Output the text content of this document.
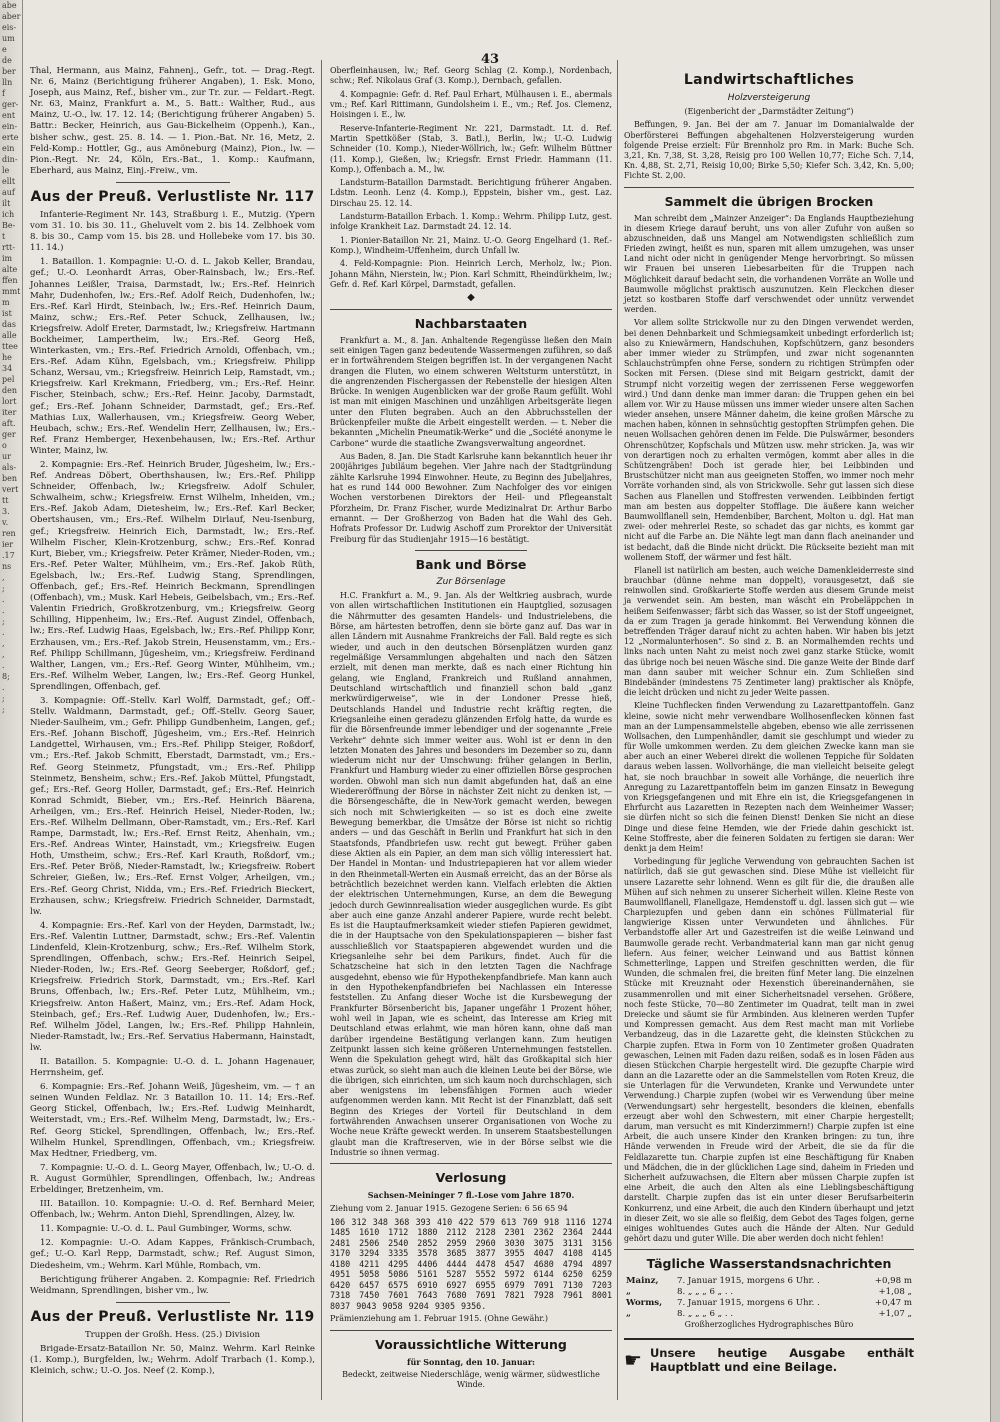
abe
aber
eis-
um
e
de
ber
lln
f
ger-
ent
ein-
erte
ein
din-
le
ellt
auf
ilt
ich
Be-
t
rtt-
im
alte
ffen
mmt
m
ist
das
alle
ttee
he
34
pel
den
lort
iter
aft.
ger
o
ur
als-
ben
vert
tt
3.
v.
ren
ier
.17
ns
,
;
.
.
;
.
,
,
.
8;
.
;
;
43

Thal, Hermann, aus Mainz, Fahnenj., Gefr., tot. — Drag.-Regt. Nr. 6, Mainz (Berichtigung früherer Angaben), 1. Esk. Mono, Joseph, aus Mainz, Ref., bisher vm., zur Tr. zur. — Feldart.-Regt. Nr. 63, Mainz, Frankfurt a. M., 5. Batt.: Walther, Rud., aus Mainz, U.-O., lw. 17. 12. 14; (Berichtigung früherer Angaben) 5. Battr.: Becker, Heinrich, aus Gau-Bickelheim (Oppenh.), Kan., bisher schw., gest. 25. 8. 14. — 1. Pion.-Bat. Nr. 16, Metz, 2. Feld-Komp.: Hottler, Gg., aus Amöneburg (Mainz), Pion., lw. — Pion.-Regt. Nr. 24, Köln, Ers.-Bat., 1. Komp.: Kaufmann, Eberhard, aus Mainz, Einj.-Freiw., vm.

Aus der Preuß. Verlustliste Nr. 117

Infanterie-Regiment Nr. 143, Straßburg i. E., Mutzig. (Ypern vom 31. 10. bis 30. 11., Gheluvelt vom 2. bis 14. Zelbhoek vom 8. bis 30., Camp vom 15. bis 28. und Hollebeke vom 17. bis 30. 11. 14.)

1. Bataillon. 1. Kompagnie: U.-O. d. L. Jakob Keller, Brandau, gef.; U.-O. Leonhardt Arras, Ober-Rainsbach, lw.; Ers.-Ref. Johannes Leißler, Traisa, Darmstadt, lw.; Ers.-Ref. Heinrich Mahr, Dudenhofen, lw.; Ers.-Ref. Adolf Reich, Dudenhofen, lw.; Ers.-Ref. Karl Hirdt, Steinbach, lw.; Ers.-Ref. Heinrich Daum, Mainz, schw.; Ers.-Ref. Peter Schuck, Zellhausen, lw.; Kriegsfreiw. Adolf Ereter, Darmstadt, lw.; Kriegsfreiw. Hartmann Bockheimer, Lampertheim, lw.; Ers.-Ref. Georg Heß, Winterkasten, vm.; Ers.-Ref. Friedrich Arnoldi, Offenbach, vm.; Ers.-Ref. Adam Kühn, Egelsbach, vm.; Kriegsfreiw. Philipp Schanz, Wersau, vm.; Kriegsfreiw. Heinrich Leip, Ramstadt, vm.; Kriegsfreiw. Karl Krekmann, Friedberg, vm.; Ers.-Ref. Heinr. Fischer, Steinbach, schw.; Ers.-Ref. Heinr. Jacoby, Darmstadt, gef.; Ers.-Ref. Johann Schneider, Darmstadt, gef.; Ers.-Ref. Mathias Lux, Wallerhausen, vm.; Kriegsfreiw. Georg Weber, Heubach, schw.; Ers.-Ref. Wendelin Herr, Zellhausen, lw.; Ers.-Ref. Franz Hemberger, Hexenbehausen, lw.; Ers.-Ref. Arthur Winter, Mainz, lw.

2. Kompagnie: Ers.-Ref. Heinrich Bruder, Jügesheim, lw.; Ers.-Ref. Andreas Döbert, Oberthshausen, lw.; Ers.-Ref. Philipp Schneider, Offenbach, lw.; Kriegsfreiw. Adolf Schuler, Schwalheim, schw.; Kriegsfreiw. Ernst Wilhelm, Inheiden, vm.; Ers.-Ref. Jakob Adam, Dietesheim, lw.; Ers.-Ref. Karl Becker, Obertshausen, vm.; Ers.-Ref. Wilhelm Dirlauf, Neu-Isenburg, gef.; Kriegsfreiw. Heinrich Eich, Darmstadt, lw.; Ers.-Ref. Wilhelm Fischer, Klein-Krotzenburg, schw.; Ers.-Ref. Konrad Kurt, Bieber, vm.; Kriegsfreiw. Peter Krämer, Nieder-Roden, vm.; Ers.-Ref. Peter Walter, Mühlheim, vm.; Ers.-Ref. Jakob Rüth, Egelsbach, lw.; Ers.-Ref. Ludwig Stang, Sprendlingen, Offenbach, gef.; Ers.-Ref. Heinrich Beckmann, Sprendlingen (Offenbach), vm.; Musk. Karl Hebeis, Geibelsbach, vm.; Ers.-Ref. Valentin Friedrich, Großkrotzenburg, vm.; Kriegsfreiw. Georg Schilling, Hippenheim, lw.; Ers.-Ref. August Zindel, Offenbach, lw.; Ers.-Ref. Ludwig Haas, Egelsbach, lw.; Ers.-Ref. Philipp Konr, Erzhausen, vm.; Ers.-Ref. Jakob Strein, Heusenstamm, vm.; Ers.-Ref. Philipp Schillmann, Jügesheim, vm.; Kriegsfreiw. Ferdinand Walther, Langen, vm.; Ers.-Ref. Georg Winter, Mühlheim, vm.; Ers.-Ref. Wilhelm Weber, Langen, lw.; Ers.-Ref. Georg Hunkel, Sprendlingen, Offenbach, gef.

3. Kompagnie: Off.-Stellv. Karl Wolff, Darmstadt, gef.; Off.-Stellv. Waldmann, Darmstadt, gef.; Off.-Stellv. Georg Sauer, Nieder-Saulheim, vm.; Gefr. Philipp Gundbenheim, Langen, gef.; Ers.-Ref. Johann Bischoff, Jügesheim, vm.; Ers.-Ref. Heinrich Landgettel, Wirhausen, vm.; Ers.-Ref. Philipp Steiger, Roßdorf, vm.; Ers.-Ref. Jakob Schmitt, Eberstadt, Darmstadt, vm.; Ers.-Ref. Georg Steinmetz, Pfungstadt, vm.; Ers.-Ref. Philipp Steinmetz, Bensheim, schw.; Ers.-Ref. Jakob Müttel, Pfungstadt, gef.; Ers.-Ref. Georg Holler, Darmstadt, gef.; Ers.-Ref. Heinrich Konrad Schmidt, Bieber, vm.; Ers.-Ref. Heinrich Bäarena, Arheilgen, vm.; Ers.-Ref. Heinrich Heisel, Nieder-Roden, lw.; Ers.-Ref. Wilhelm Dellmann, Ober-Ramstadt, vm.; Ers.-Ref. Karl Rampe, Darmstadt, lw.; Ers.-Ref. Ernst Reitz, Ahenhain, vm.; Ers.-Ref. Andreas Winter, Hainstadt, vm.; Kriegsfreiw. Eugen Hoth, Umstheim, schw.; Ers.-Ref. Karl Krauth, Roßdorf, vm.; Ers.-Ref. Peter Bröß, Nieder-Ramstadt, lw.; Kriegsfreiw. Robert Schreier, Gießen, lw.; Ers.-Ref. Ernst Volger, Arheilgen, vm.; Ers.-Ref. Georg Christ, Nidda, vm.; Ers.-Ref. Friedrich Bieckert, Erzhausen, schw.; Kriegsfreiw. Friedrich Schneider, Darmstadt, lw.

4. Kompagnie: Ers.-Ref. Karl von der Heyden, Darmstadt, lw.; Ers.-Ref. Valentin Luttner, Darmstadt, schw.; Ers.-Ref. Valentin Lindenfeld, Klein-Krotzenburg, schw.; Ers.-Ref. Wilhelm Stork, Sprendlingen, Offenbach, schw.; Ers.-Ref. Heinrich Seipel, Nieder-Roden, lw.; Ers.-Ref. Georg Seeberger, Roßdorf, gef.; Kriegsfreiw. Friedrich Stork, Darmstadt, vm.; Ers.-Ref. Karl Bruns, Offenbach, lw.; Ers.-Ref. Peter Lutz, Mühlheim, vm.; Kriegsfreiw. Anton Haßert, Mainz, vm.; Ers.-Ref. Adam Hock, Steinbach, gef.; Ers.-Ref. Ludwig Auer, Dudenhofen, lw.; Ers.-Ref. Wilhelm Jödel, Langen, lw.; Ers.-Ref. Philipp Hahnlein, Nieder-Ramstadt, lw.; Ers.-Ref. Servatius Habermann, Hainstadt, lw.

II. Bataillon. 5. Kompagnie: U.-O. d. L. Johann Hagenauer, Herrnsheim, gef.

6. Kompagnie: Ers.-Ref. Johann Weiß, Jügesheim, vm. — † an seinen Wunden Feldlaz. Nr. 3 Bataillon 10. 11. 14; Ers.-Ref. Georg Stickel, Offenbach, lw.; Ers.-Ref. Ludwig Meinhardt, Weiterstadt, vm.; Ers.-Ref. Wilhelm Meng, Darmstadt, lw.; Ers.-Ref. Georg Stickel, Sprendlingen, Offenbach, lw.; Ers.-Ref. Wilhelm Hunkel, Sprendlingen, Offenbach, vm.; Kriegsfreiw. Max Hedtner, Friedberg, vm.

7. Kompagnie: U.-O. d. L. Georg Mayer, Offenbach, lw.; U.-O. d. R. August Gormühler, Sprendlingen, Offenbach, lw.; Andreas Erbeldinger, Bretzenheim, vm.

III. Bataillon. 10. Kompagnie: U.-O. d. Ref. Bernhard Meier, Offenbach, lw.; Wehrm. Anton Diehl, Sprendlingen, Alzey, lw.

11. Kompagnie: U.-O. d. L. Paul Gumbinger, Worms, schw.

12. Kompagnie: U.-O. Adam Kappes, Fränkisch-Crumbach, gef.; U.-O. Karl Repp, Darmstadt, schw.; Ref. August Simon, Diedesheim, vm.; Wehrm. Karl Mühle, Rombach, vm.

Berichtigung früherer Angaben. 2. Kompagnie: Ref. Friedrich Weidmann, Sprendlingen, bisher vm., lw.

Aus der Preuß. Verlustliste Nr. 119

Truppen der Großh. Hess. (25.) Division

Brigade-Ersatz-Bataillon Nr. 50, Mainz. Wehrm. Karl Reinke (1. Komp.), Burgfelden, lw.; Wehrm. Adolf Trarbach (1. Komp.), Kleinich, schw.; U.-O. Jos. Neef (2. Komp.),

Oberfleinhausen, lw.; Ref. Georg Schlag (2. Komp.), Nordenbach, schw.; Ref. Nikolaus Graf (3. Komp.), Dernbach, gefallen.

4. Kompagnie: Gefr. d. Ref. Paul Erhart, Mülhausen i. E., abermals vm.; Ref. Karl Rittimann, Gundolsheim i. E., vm.; Ref. Jos. Clemenz, Hoisingen i. E., lw.

Reserve-Infanterie-Regiment Nr. 221, Darmstadt. Lt. d. Ref. Martin Spettkößer (Stab, 3. Batl.), Berlin, lw.; U.-O. Ludwig Schneider (10. Komp.), Nieder-Wöllrich, lw.; Gefr. Wilhelm Büttner (11. Komp.), Gießen, lw.; Kriegsfr. Ernst Friedr. Hammann (11. Komp.), Offenbach a. M., lw.

Landsturm-Bataillon Darmstadt. Berichtigung früherer Angaben. Ldstm. Leonh. Lenz (4. Komp.), Eppstein, bisher vm., gest. Laz. Dirschau 25. 12. 14.

Landsturm-Bataillon Erbach. 1. Komp.: Wehrm. Philipp Lutz, gest. infolge Krankheit Laz. Darmstadt 24. 12. 14.

1. Pionier-Bataillon Nr. 21, Mainz. U.-O. Georg Engelhard (1. Ref.-Komp.), Windheim-Uffenheim, durch Unfall lw.

4. Feld-Kompagnie: Pion. Heinrich Lerch, Merholz, lw.; Pion. Johann Mähn, Nierstein, lw.; Pion. Karl Schmitt, Rheindürkheim, lw.; Gefr. d. Ref. Karl Körpel, Darmstadt, gefallen.

◆
Nachbarstaaten

Frankfurt a. M., 8. Jan. Anhaltende Regengüsse ließen den Main seit einigen Tagen ganz bedeutende Wassermengen zuführen, so daß er in fortwährendem Steigen begriffen ist. In der vergangenen Nacht drangen die Fluten, wo einem schweren Weltsturm unterstützt, in die angrenzenden Fischergassen der Rebenstelle der hiesigen Alten Brücke. In wenigen Augenblicken war der große Raum gefüllt. Wohl ist man mit einigen Maschinen und unzähligen Arbeitsgeräte liegen unter den Fluten begraben. Auch an den Abbruchsstellen der Brückenpfeiler mußte die Arbeit eingestellt werden. — t. Neber die bekannten „Michelin Pneumatik-Werke“ und die „Société anonyme le Carbone“ wurde die staatliche Zwangsverwaltung angeordnet.

Aus Baden, 8. Jan. Die Stadt Karlsruhe kann bekanntlich heuer ihr 200jähriges Jubiläum begehen. Vier Jahre nach der Stadtgründung zählte Karlsruhe 1994 Einwohner. Heute, zu Beginn des Jubeljahres, hat es rund 144 000 Bewohner. Zum Nachfolger des vor einigen Wochen verstorbenen Direktors der Heil- und Pflegeanstalt Pforzheim, Dr. Franz Fischer, wurde Medizinalrat Dr. Arthur Barbo ernannt. — Der Großherzog von Baden hat die Wahl des Geh. Hofrats Professor Dr. Ludwig Aschoff zum Prorektor der Universität Freiburg für das Studienjahr 1915—16 bestätigt.

Bank und Börse
Zur Börsenlage

H.C. Frankfurt a. M., 9. Jan. Als der Weltkrieg ausbrach, wurde von allen wirtschaftlichen Institutionen ein Hauptglied, sozusagen die Nährmutter des gesamten Handels- und Industrielebens, die Börse, am härtesten betroffen, denn sie börte ganz auf. Das war in allen Ländern mit Ausnahme Frankreichs der Fall. Bald regte es sich wieder, und auch in den deutschen Börsenplätzen wurden ganz regelmäßige Versammlungen abgehalten und nach den Sätzen erzielt, mit denen man merkte, daß es nach einer Richtung hin gelang, wie England, Frankreich und Rußland annahmen, Deutschland wirtschaftlich und finanziell schon bald „ganz merkwürdigerweise“, wie in der Londoner Presse hieß, Deutschlands Handel und Industrie recht kräftig regten, die Kriegsanleihe einen geradezu glänzenden Erfolg hatte, da wurde es für die Börsenfreunde immer lebendiger und der sogenannte „Freie Verkehr“ dehnte sich immer weiter aus. Wohl ist er denn in den letzten Monaten des Jahres und besonders im Dezember so zu, dann wiederum nicht nur der Umschwung: früher gelangen in Berlin, Frankfurt und Hamburg wieder zu einer offiziellen Börse gesprochen worden. Obwohl man sich nun damit abgefunden hat, daß an eine Wiedereröffnung der Börse in nächster Zeit nicht zu denken ist, — die Börsengeschäfte, die in New-York gemacht werden, bewegen sich noch mit Schwierigkeiten — so ist es doch eine zweite Bewegung bemerkbar, die Umsätze der Börse ist nicht so richtig anders — und das Geschäft in Berlin und Frankfurt hat sich in den Staatsfonds, Pfandbriefen usw. recht gut bewegt. Früher gaben diese Aktien als ein Papier, an dem man sich völlig interessiert hat. Der Handel in Montan- und Industriepapieren hat vor allem wieder in den Rheinmetall-Werten ein Ausmaß erreicht, das an der Börse als beträchtlich bezeichnet werden kann. Vielfach erlebten die Aktien der elektrischen Unternehmungen, Kurse, an dem die Bewegung jedoch durch Gewinnrealisation wieder ausgeglichen wurde. Es gibt aber auch eine ganze Anzahl anderer Papiere, wurde recht belebt. Es ist die Hauptaufmerksamkeit wieder stiefen Papieren gewidmet, die in der Hauptsache von den Spekulationspapieren — bisher fast ausschließlich vor Staatspapieren abgewendet wurden und die Kriegsanleihe sehr bei dem Parikurs, findet. Auch für die Schatzscheine hat sich in den letzten Tagen die Nachfrage ausgedehnt, ebenso wie für Hypothekenpfandbriefe. Man kann auch in den Hypothekenpfandbriefen bei Nachlassen ein Interesse feststellen. Zu Anfang dieser Woche ist die Kursbewegung der Frankfurter Börsenbericht bis, Japaner ungefähr 1 Prozent höher, wohl weil in Japan, wie es scheint, das Interesse am Krieg mit Deutschland etwas erlahmt, wie man hören kann, ohne daß man darüber irgendeine Bestätigung verlangen kann. Zum heutigen Zeitpunkt lassen sich keine größeren Unternehmungen feststellen. Wenn die Spekulation gehegt wird, hält das Großkapital sich hier etwas zurück, so sieht man auch die kleinen Leute bei der Börse, wie die übrigen, sich einrichten, um sich kaum noch durchschlagen, sich aber wenigstens im lebensfähigen Formen auch wieder aufgenommen werden kann. Mit Recht ist der Finanzblatt, daß seit Beginn des Krieges der Vorteil für Deutschland in dem fortwährenden Anwachsen unserer Organisationen von Woche zu Woche neue Kräfte geweckt werden. In unserem Staatsbestellungen glaubt man die Kraftreserven, wie in der Börse selbst wie die Industrie so ihnen vermag.

Verlosung

Sachsen-Meininger 7 fl.-Lose vom Jahre 1870.

Ziehung vom 2. Januar 1915. Gezogene Serien: 6 56 65 94

106 312 348 368 393 410 422 579 613 769 918 1116 1274 1485 1610 1712 1880 2112 2128 2301 2362 2364 2444 2481 2506 2540 2852 2959 2960 3030 3075 3131 3156 3170 3294 3335 3578 3685 3877 3955 4047 4108 4145 4180 4211 4295 4406 4444 4478 4547 4680 4794 4897 4951 5058 5086 5161 5287 5552 5972 6144 6250 6259 6420 6457 6575 6910 6927 6955 6979 7091 7130 7203 7318 7450 7601 7643 7680 7691 7821 7928 7961 8001 8037 9043 9058 9204 9305 9356.

Prämienziehung am 1. Februar 1915. (Ohne Gewähr.)

Voraussichtliche Witterung

für Sonntag, den 10. Januar:

Bedeckt, zeitweise Niederschläge, wenig wärmer, südwestliche Winde.

Landwirtschaftliches
Holzversteigerung

(Eigenbericht der „Darmstädter Zeitung“)

Beffungen, 9. Jan. Bei der am 7. Januar im Domanialwalde der Oberförsterei Beffungen abgehaltenen Holzversteigerung wurden folgende Preise erzielt: Für Brennholz pro Rm. in Mark: Buche Sch. 3,21, Kn. 7,38, St. 3,28, Reisig pro 100 Wellen 10,77; Eiche Sch. 7,14, Kn. 4,88, St. 2,71, Reisig 10,00; Birke 5,50; Kiefer Sch. 3,42, Kn. 5,00; Fichte St. 2,00.

Sammelt die übrigen Brocken

Man schreibt dem „Mainzer Anzeiger“: Da Englands Hauptbeziehung in diesem Kriege darauf beruht, uns von aller Zufuhr von außen so abzuschneiden, daß uns Mangel am Notwendigsten schließlich zum Frieden zwingt, heißt es nun, sparen mit allem umzugehen, was unser Land nicht oder nicht in genügender Menge hervorbringt. So müssen wir Frauen bei unseren Liebesarbeiten für die Truppen nach Möglichkeit darauf bedacht sein, die vorhandenen Vorräte an Wolle und Baumwolle möglichst praktisch auszunutzen. Kein Fleckchen dieser jetzt so kostbaren Stoffe darf verschwendet oder unnütz verwendet werden.

Vor allem sollte Strickwolle nur zu den Dingen verwendet werden, bei denen Dehnbarkeit und Schmiegsamkeit unbedingt erforderlich ist; also zu Kniewärmern, Handschuhen, Kopfschützern, ganz besonders aber immer wieder zu Strümpfen, und zwar nicht sogenannten Schlauchstrümpfen ohne Ferse, sondern zu richtigen Strümpfen oder Socken mit Fersen. (Diese sind mit Beigarn gestrickt, damit der Strumpf nicht vorzeitig wegen der zerrissenen Ferse weggeworfen wird.) Und dann denke man immer daran: die Truppen gehen ein bei allem vor. Wir zu Hause müssen uns immer wieder unsere alten Sachen wieder ansehen, unsere Männer daheim, die keine großen Märsche zu machen haben, können in sehnsüchtig gestopften Strümpfen gehen. Die neuen Wollsachen gehören denen im Felde. Die Pulswärmer, besonders Ohrenschützer, Kopfschals und Mützen usw. mehr stricken. Ja, was wir von derartigen noch zu erhalten vermögen, kommt aber alles in die Schützengräben! Doch ist gerade hier, bei Leibbinden und Brustschützer nicht man aus geeigneten Stoffen, wo immer noch mehr Vorräte vorhanden sind, als von Strickwolle. Sehr gut lassen sich diese Sachen aus Flanellen und Stoffresten verwenden. Leibbinden fertigt man am besten aus doppelter Stofflage. Die äußere kann weicher Baumwollflanell sein, Hemdenbiber, Barchent, Molton u. dgl. Hat man zwei- oder mehrerlei Reste, so schadet das gar nichts, es kommt gar nicht auf die Farbe an. Die Nähte legt man dann flach aneinander und ist bedacht, daß die Binde nicht drückt. Die Rückseite bezieht man mit wollenem Stoff, der wärmer und fest hält.

Flanell ist natürlich am besten, auch weiche Damenkleiderreste sind brauchbar (dünne nehme man doppelt), vorausgesetzt, daß sie reinwollen sind. Großkarierte Stoffe werden aus diesem Grunde meist ja verwendet sein. Am besten, man wäscht ein Probeläppchen in heißem Seifenwasser; färbt sich das Wasser, so ist der Stoff ungeeignet, da er zum Tragen ja gerade hinkommt. Bei Verwendung können die betreffenden Träger darauf nicht zu achten haben. Wir haben bis jetzt 12 „Normalunterhosen“. So sind z. B. an Normalhemden rechts und links nach unten Naht zu meist noch zwei ganz starke Stücke, womit das übrige noch bei neuen Wäsche sind. Die ganze Weite der Binde darf man dann sauber mit weicher Schnur ein. Zum Schließen sind Bindebänder (mindestens 75 Zentimeter lang) praktischer als Knöpfe, die leicht drücken und nicht zu jeder Weite passen.

Kleine Tuchflecken finden Verwendung zu Lazarettpantoffeln. Ganz kleine, sowie nicht mehr verwendbare Wollhosenflecken können fast man an der Lumpensammelstelle abgeben, ebenso wie alle zerrissenen Wollsachen, den Lumpenhändler, damit sie geschlumpt und wieder zu für Wolle umkommen werden. Zu dem gleichen Zwecke kann man sie aber auch an einer Weberei direkt die wollenen Teppiche für Soldaten daraus weben lassen. Wollvorhänge, die man vielleicht beiseite gelegt hat, sie noch brauchbar in soweit alle Vorhänge, die neuerlich ihre Anregung zu Lazarettpantoffeln beim im ganzen Einsatz in Bewegung von Kriegsgefangenen und mit Ehre ein ist, die Kriegsgefangenen in Ehrfurcht aus Lazaretten in Rezepten nach dem Weinheimer Wasser; sie dürfen nicht so sich die feinen Dienst! Denken Sie nicht an diese Dinge und diese feine Hemden, wie der Friede dahin geschickt ist. Keine Stoffreste, aber die feineren Soldaten zu fertigen sie daran: Wer denkt ja dem Heim!

Vorbedingung für jegliche Verwendung von gebrauchten Sachen ist natürlich, daß sie gut gewaschen sind. Diese Mühe ist vielleicht für unsere Lazarette sehr lohnend. Wenn es gilt für die, die draußen alle Mühen auf sich nehmen zu unserer Sicherheit willen. Kleine Reste von Baumwollflanell, Flanellgaze, Hemdenstoff u. dgl. lassen sich gut — wie Charpiezupfen und geben dann ein schönes Füllmaterial für langwierige Kissen unter Verwundeten und ähnliches. Für Verbandstoffe aller Art und Gazestreifen ist die weiße Leinwand und Baumwolle gerade recht. Verbandmaterial kann man gar nicht genug liefern. Aus feiner, weicher Leinwand und aus Battist können Schmetterlinge, Lappen und Streifen geschnitten werden, die für Wunden, die schmalen frei, die breiten fünf Meter lang. Die einzelnen Stücke mit Kreuznaht oder Hexenstich übereinandernähen, sie zusammenrollen und mit einer Sicherheitsnadel versehen. Größere, noch feste Stücke, 70—80 Zentimeter im Quadrat, teilt man in zwei Dreiecke und säumt sie für Armbinden. Aus kleineren werden Tupfer und Kompressen gemacht. Aus dem Rest macht man mit Vorliebe Verbandzeug, das in die Lazarette geht, die kleinsten Stückchen zu Charpie zupfen. Etwa in Form von 10 Zentimeter großen Quadraten gewaschen, Leinen mit Faden dazu reißen, sodaß es in losen Fäden aus diesen Stückchen Charpie hergestellt wird. Die gezupfte Charpie wird dann an die Lazarette oder an die Sammelstellen vom Roten Kreuz, die sie Unterlagen für die Verwundeten, Kranke und Verwundete unter Verwendung.) Charpie zupfen (wobei wir es Verwendung über meine (Verwendungsart) sehr hergestellt, besonders die kleinen, ebenfalls erzeugt aber wohl den Schwestern, mit einer Charpie hergestellt; darum, man versucht es mit Kinderzimmern!) Charpie zupfen ist eine Arbeit, die auch unsere Kinder den Kranken bringen: zu tun, ihre Hände verwenden in Freude wird der Arbeit, die sie da für die Feldlazarette tun. Charpie zupfen ist eine Beschäftigung für Knaben und Mädchen, die in der glücklichen Lage sind, daheim in Frieden und Sicherheit aufzuwachsen, die Eltern aber müssen Charpie zupfen ist eine Arbeit, die auch den Alten als eine Lieblingsbeschäftigung darstellt. Charpie zupfen das ist ein unter dieser Berufsarbeiterin Konkurrenz, und eine Arbeit, die auch den Kindern überhaupt und jetzt in dieser Zeit, wo sie alle so fleißig, dem Gebot des Tages folgen, gerne einiges wohltuendes Gutes auch die Hände der Alten. Nur Geduld gehört dazu und guter Wille. Die aber werden doch nicht fehlen!

Tägliche Wasserstandsnachrichten
Mainz,	7. Januar 1915, morgens 6 Uhr. .	+0,98 m
„	8. „ „ „ 6 „ . .	+1,08 „
Worms,	7. Januar 1915, morgens 6 Uhr. .	+0,47 m
„	8. „ „ „ 6 „ . .	+1,07 „

Großherzogliches Hydrographisches Büro

☛ Unsere heutige Ausgabe enthält Hauptblatt und eine Beilage.
